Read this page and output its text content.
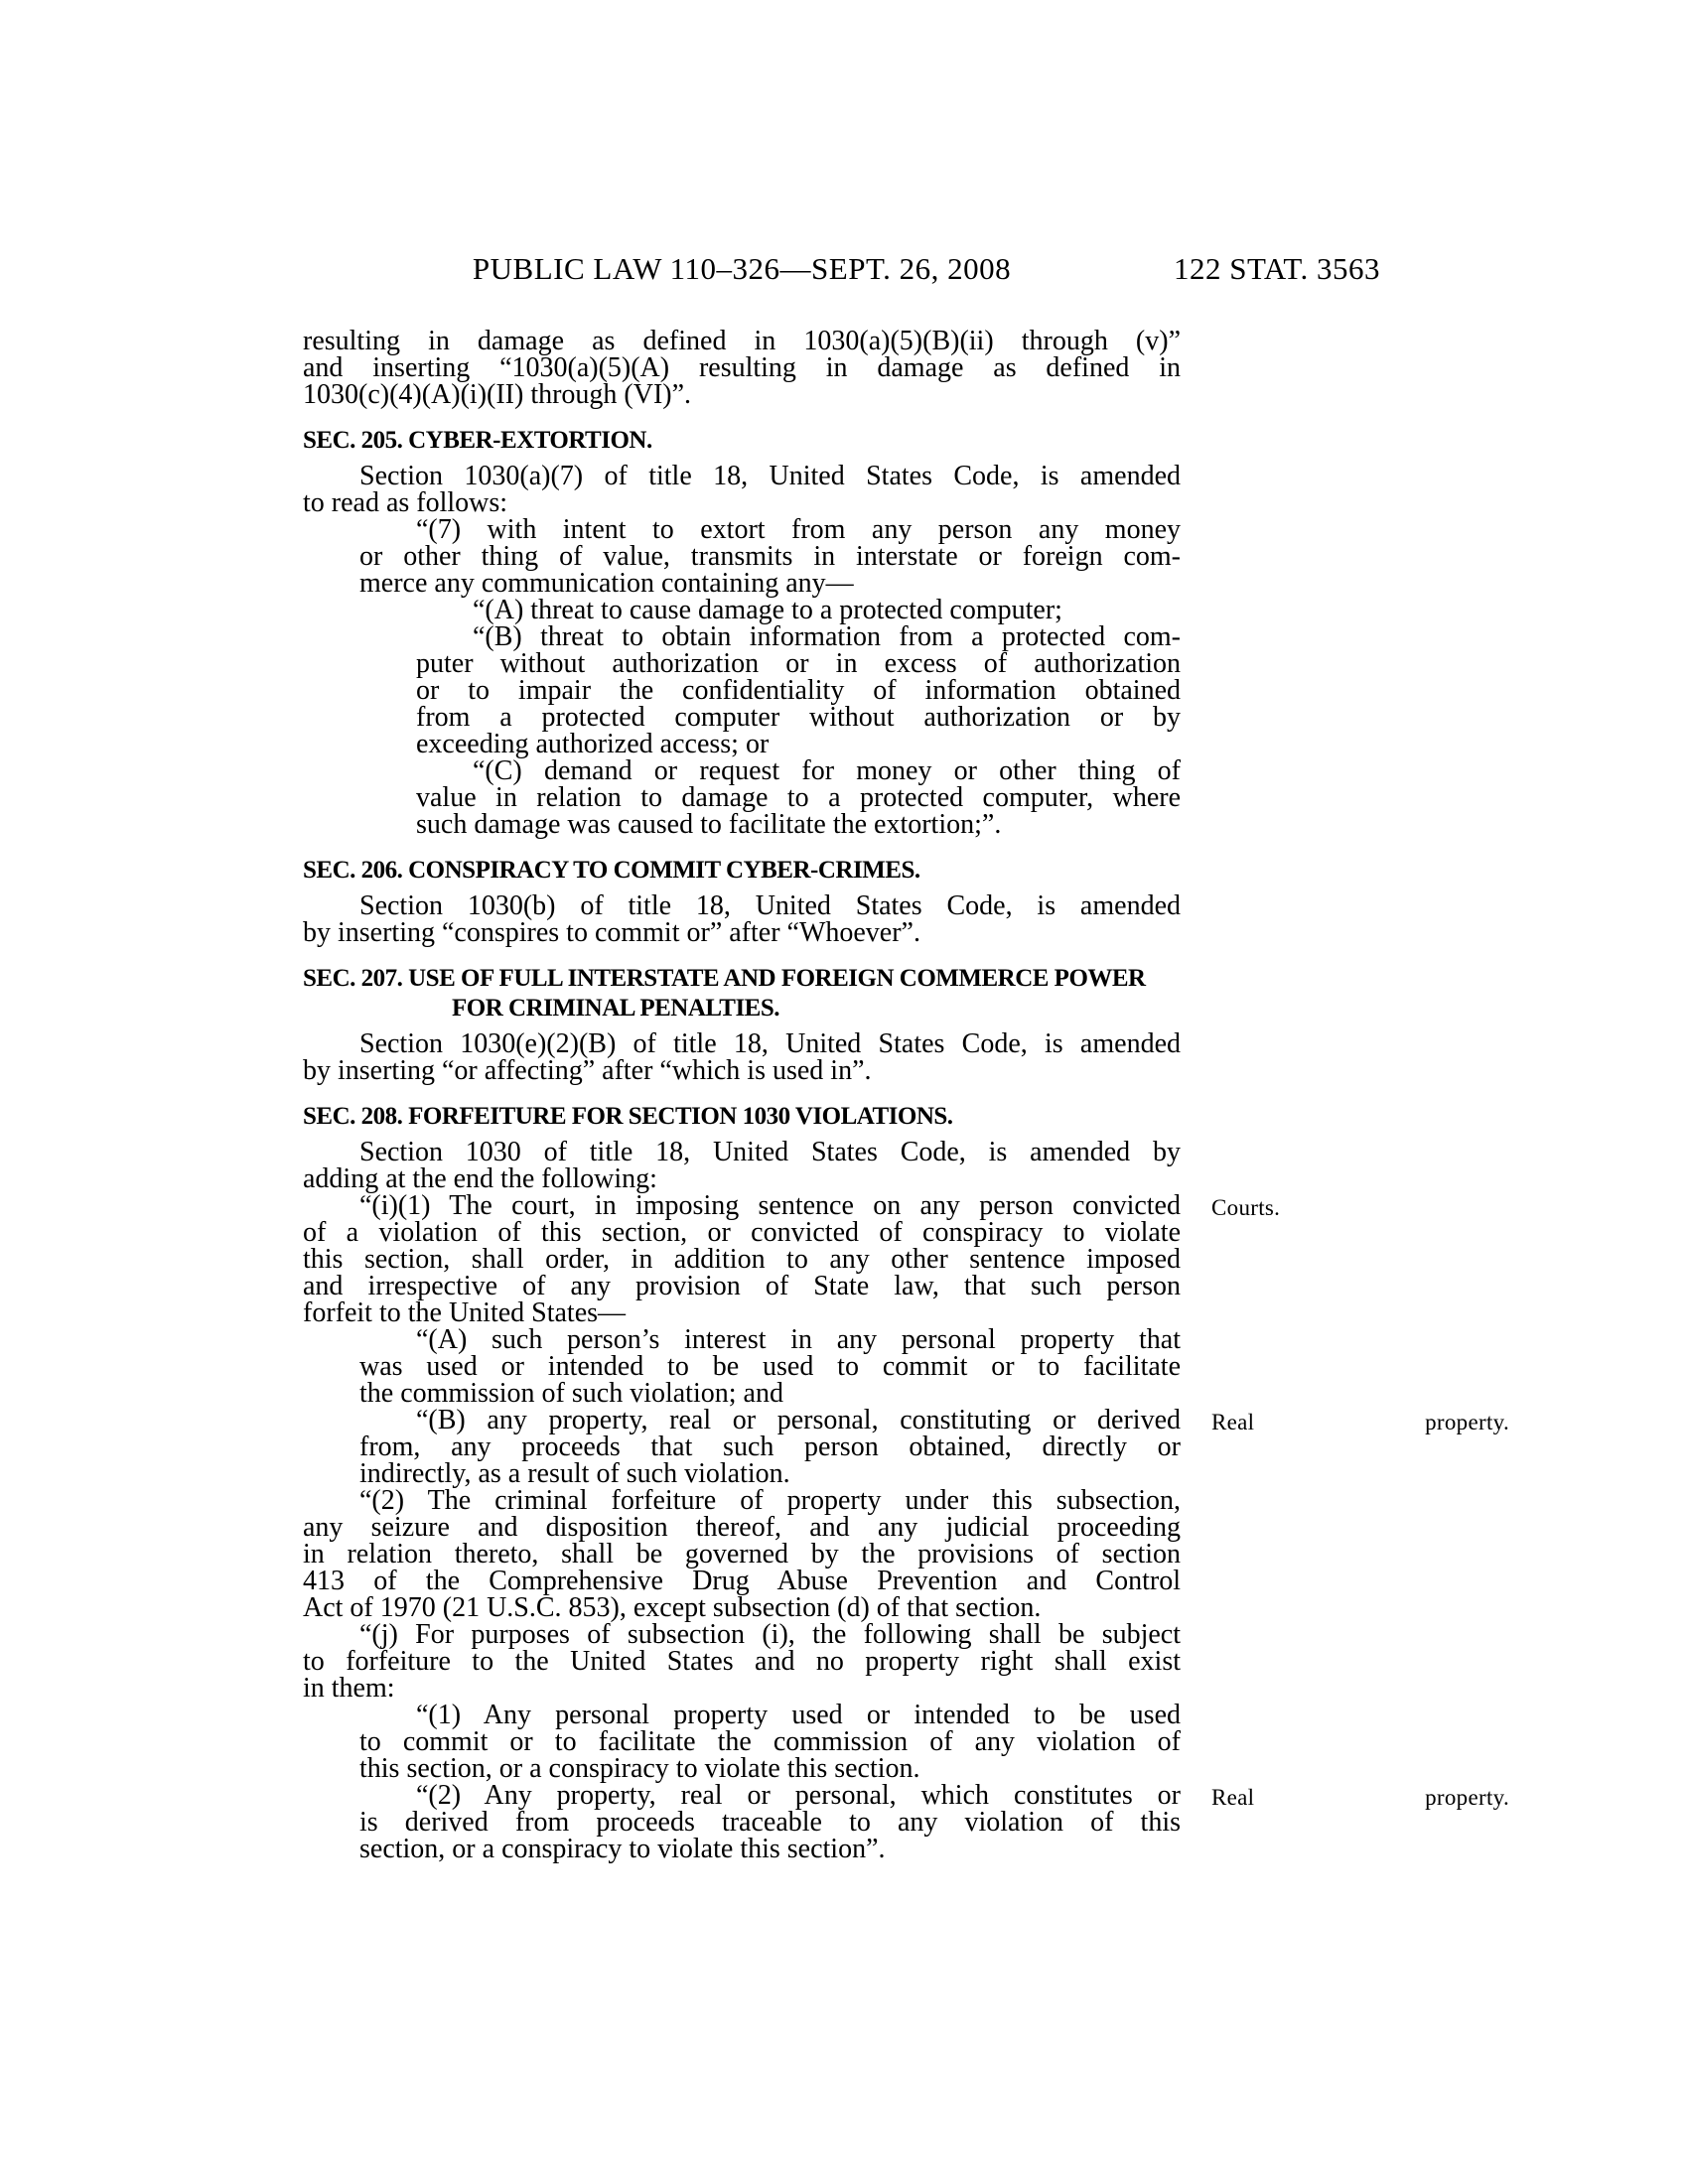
PUBLIC LAW 110–326—SEPT. 26, 2008	122 STAT. 3563
resulting in damage as defined in 1030(a)(5)(B)(ii) through (v)”
and inserting “1030(a)(5)(A) resulting in damage as defined in
1030(c)(4)(A)(i)(II) through (VI)”.
SEC. 205. CYBER-EXTORTION.
Section 1030(a)(7) of title 18, United States Code, is amended
to read as follows:
“(7) with intent to extort from any person any money
or other thing of value, transmits in interstate or foreign com-
merce any communication containing any—
“(A) threat to cause damage to a protected computer;
“(B) threat to obtain information from a protected com-
puter without authorization or in excess of authorization
or to impair the confidentiality of information obtained
from a protected computer without authorization or by
exceeding authorized access; or
“(C) demand or request for money or other thing of
value in relation to damage to a protected computer, where
such damage was caused to facilitate the extortion;”.
SEC. 206. CONSPIRACY TO COMMIT CYBER-CRIMES.
Section 1030(b) of title 18, United States Code, is amended
by inserting “conspires to commit or” after “Whoever”.
SEC. 207. USE OF FULL INTERSTATE AND FOREIGN COMMERCE POWER
FOR CRIMINAL PENALTIES.
Section 1030(e)(2)(B) of title 18, United States Code, is amended
by inserting “or affecting” after “which is used in”.
SEC. 208. FORFEITURE FOR SECTION 1030 VIOLATIONS.
Section 1030 of title 18, United States Code, is amended by
adding at the end the following:
“(i)(1) The court, in imposing sentence on any person convicted Courts.
of a violation of this section, or convicted of conspiracy to violate
this section, shall order, in addition to any other sentence imposed
and irrespective of any provision of State law, that such person
forfeit to the United States—
“(A) such person’s interest in any personal property that
was used or intended to be used to commit or to facilitate
the commission of such violation; and
“(B) any property, real or personal, constituting or derived Real property.
from, any proceeds that such person obtained, directly or
indirectly, as a result of such violation.
“(2) The criminal forfeiture of property under this subsection,
any seizure and disposition thereof, and any judicial proceeding
in relation thereto, shall be governed by the provisions of section
413 of the Comprehensive Drug Abuse Prevention and Control
Act of 1970 (21 U.S.C. 853), except subsection (d) of that section.
“(j) For purposes of subsection (i), the following shall be subject
to forfeiture to the United States and no property right shall exist
in them:
“(1) Any personal property used or intended to be used
to commit or to facilitate the commission of any violation of
this section, or a conspiracy to violate this section.
“(2) Any property, real or personal, which constitutes or Real property.
is derived from proceeds traceable to any violation of this
section, or a conspiracy to violate this section”.
